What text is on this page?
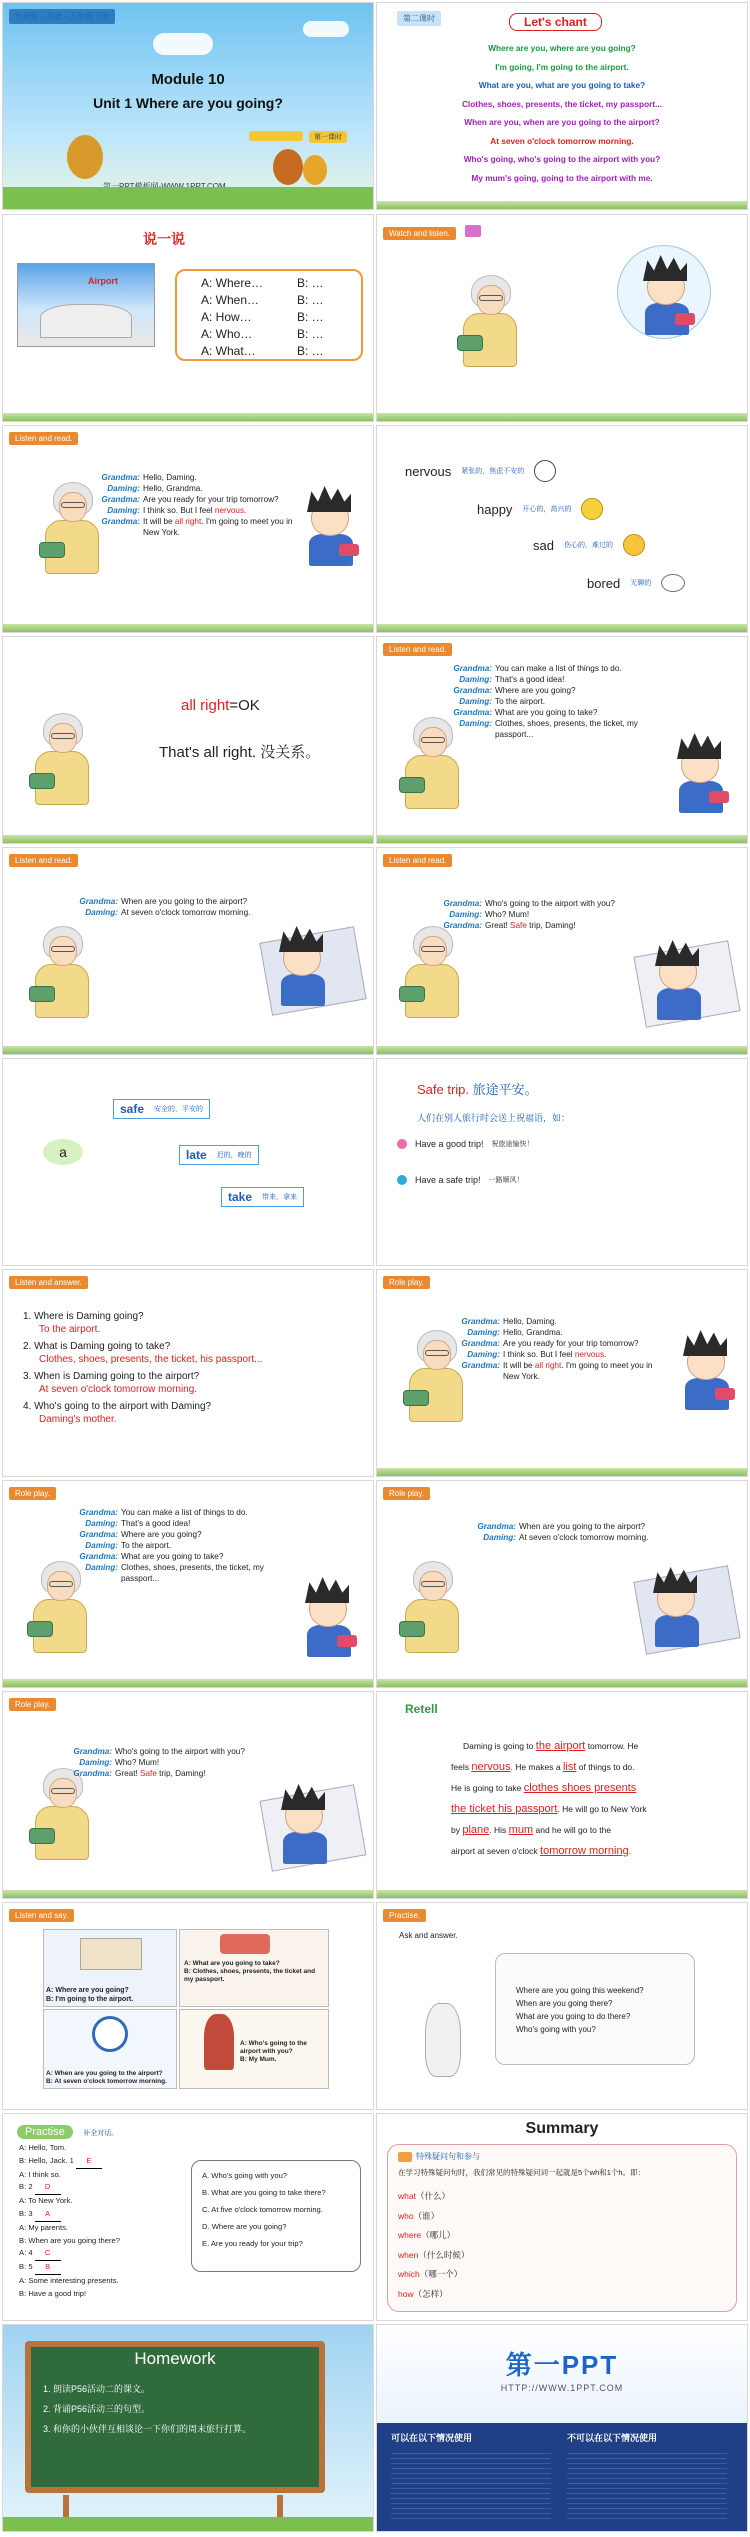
外研版 - 英语 - 五年级下册
Module 10
Unit 1 Where are you going?
第一课时
第二课时	Let's chant
Where are you, where are you going?
I'm going, I'm going to the airport.
What are you, what are you going to take?
Clothes, shoes, presents, the ticket, my passport...
When are you, when are you going to the airport?
At seven o'clock tomorrow morning.
Who's going, who's going to the airport with you?
My mum's going, going to the airport with me.
说一说
Airport	A: Where…	B: …
A: When…	B: …
A: How…	B: …
A: Who…	B: …
A: What…	B: …
Watch and listen.
Listen and read.
Grandma: Hello, Daming.
Daming: Hello, Grandma.
Grandma: Are you ready for your trip tomorrow?
Daming: I think so. But I feel nervous.
Grandma: It will be all right. I'm going to meet you in New York.
nervous 紧张的，焦虑不安的
happy 开心的，高兴的
sad 伤心的，难过的
bored 无聊的
all right=OK
That's all right. 没关系。
Listen and read.
Grandma: You can make a list of things to do.
Daming: That's a good idea!
Grandma: Where are you going?
Daming: To the airport.
Grandma: What are you going to take?
Daming: Clothes, shoes, presents, the ticket, my passport...
Listen and read.
Grandma: When are you going to the airport?
Daming: At seven o'clock tomorrow morning.
Listen and read.
Grandma: Who's going to the airport with you?
Daming: Who? Mum!
Grandma: Great! Safe trip, Daming!
a
safe 安全的，平安的
late 迟的，晚的
take 带来，拿来
Safe trip. 旅途平安。
人们在别人旅行时会送上祝福语，如：
Have a good trip! 祝旅途愉快！
Have a safe trip! 一路顺风！
Listen and answer.
1. Where is Daming going?
To the airport.
2. What is Daming going to take?
Clothes, shoes, presents, the ticket, his passport...
3. When is Daming going to the airport?
At seven o'clock tomorrow morning.
4. Who's going to the airport with Daming?
Daming's mother.
Role play.
Grandma: Hello, Daming.
Daming: Hello, Grandma.
Grandma: Are you ready for your trip tomorrow?
Daming: I think so. But I feel nervous.
Grandma: It will be all right. I'm going to meet you in New York.
Role play.
Grandma: You can make a list of things to do.
Daming: That's a good idea!
Grandma: Where are you going?
Daming: To the airport.
Grandma: What are you going to take?
Daming: Clothes, shoes, presents, the ticket, my passport...
Role play.
Grandma: When are you going to the airport?
Daming: At seven o'clock tomorrow morning.
Role play.
Grandma: Who's going to the airport with you?
Daming: Who? Mum!
Grandma: Great! Safe trip, Daming!
Retell
Daming is going to the airport tomorrow. He
feels nervous. He makes a list of things to do.
He is going to take clothes shoes presents
the ticket his passport. He will go to New York
by plane. His mum and he will go to the
airport at seven o'clock tomorrow morning.
Listen and say.
A: Where are you going?
B: I'm going to the airport.
A: What are you going to take?
B: Clothes, shoes, presents, the ticket and my passport.
A: When are you going to the airport?
B: At seven o'clock tomorrow morning.
A: Who's going to the airport with you?
B: My Mum.
Practise.
Ask and answer.
Where are you going this weekend?
When are you going there?
What are you going to do there?
Who's going with you?
Practise	补全对话。
A: Hello, Tom.
B: Hello, Jack. 1 E
A: I think so.
B: 2 D
A: To New York.
B: 3 A
A: My parents.
B: When are you going there?
A: 4 C
B: 5 B
A: Some interesting presents.
B: Have a good trip!
A. Who's going with you?
B. What are you going to take there?
C. At five o'clock tomorrow morning.
D. Where are you going?
E. Are you ready for your trip?
Summary
特殊疑问句和参与
在学习特殊疑问句时，我们常见的特殊疑问词一起就是5个wh和1个h。即：
what（什么）
who（谁）
where（哪儿）
when（什么时候）
which（哪一个）
how（怎样）
Homework
1. 朗读P56活动二的课文。
2. 背诵P56活动三的句型。
3. 和你的小伙伴互相谈论一下你们的周末旅行打算。
第一PPT
HTTP://WWW.1PPT.COM
可以在以下情况使用	不可以在以下情况使用
